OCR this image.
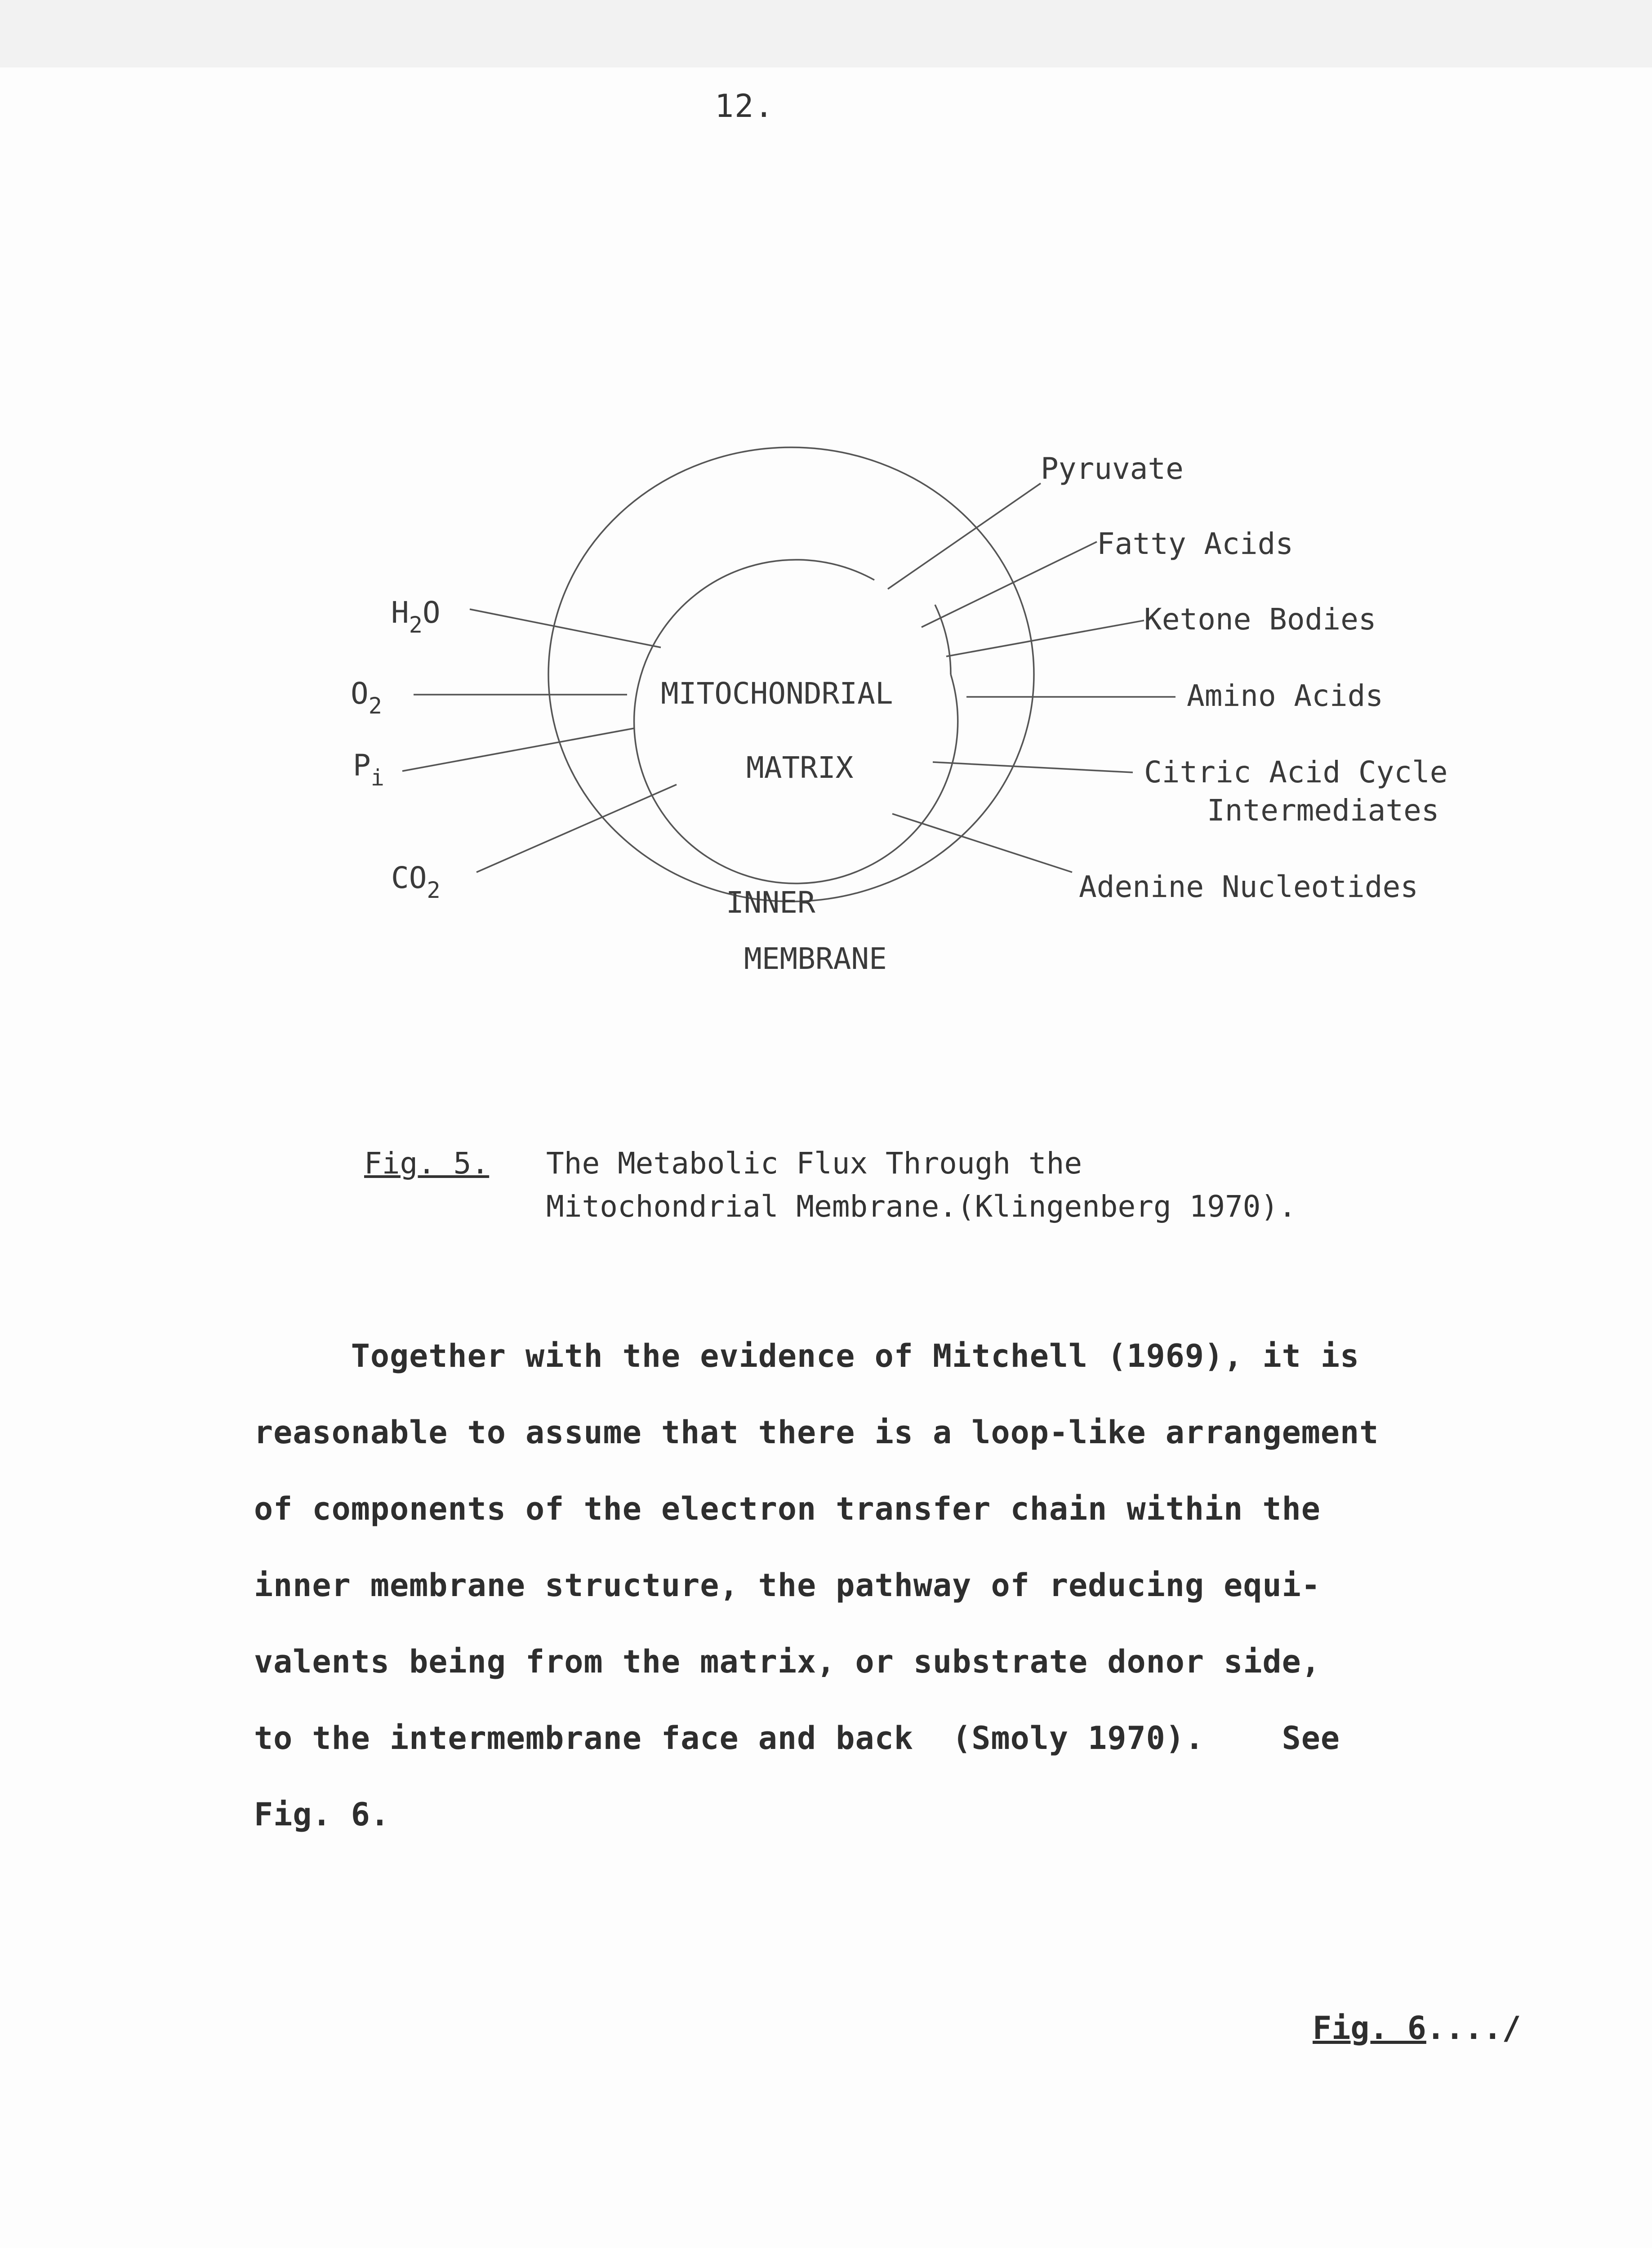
12.
$H_2O$
$O_2$
$P_i$
$CO_2$
MITOCHONDRIAL
MATRIX
INNER
MEMBRANE
Pyruvate
Fatty Acids
Ketone Bodies
Amino Acids
Citric Acid Cycle
Intermediates
Adenine Nucleotides
Fig. 5. The Metabolic Flux Through the
Mitochondrial Membrane.(Klingenberg 1970).
Together with the evidence of Mitchell (1969), it is
reasonable to assume that there is a loop-like arrangement
of components of the electron transfer chain within the
inner membrane structure, the pathway of reducing equi-
valents being from the matrix, or substrate donor side,
to the intermembrane face and back  (Smoly 1970).    See
Fig. 6.
Fig. 6..../
